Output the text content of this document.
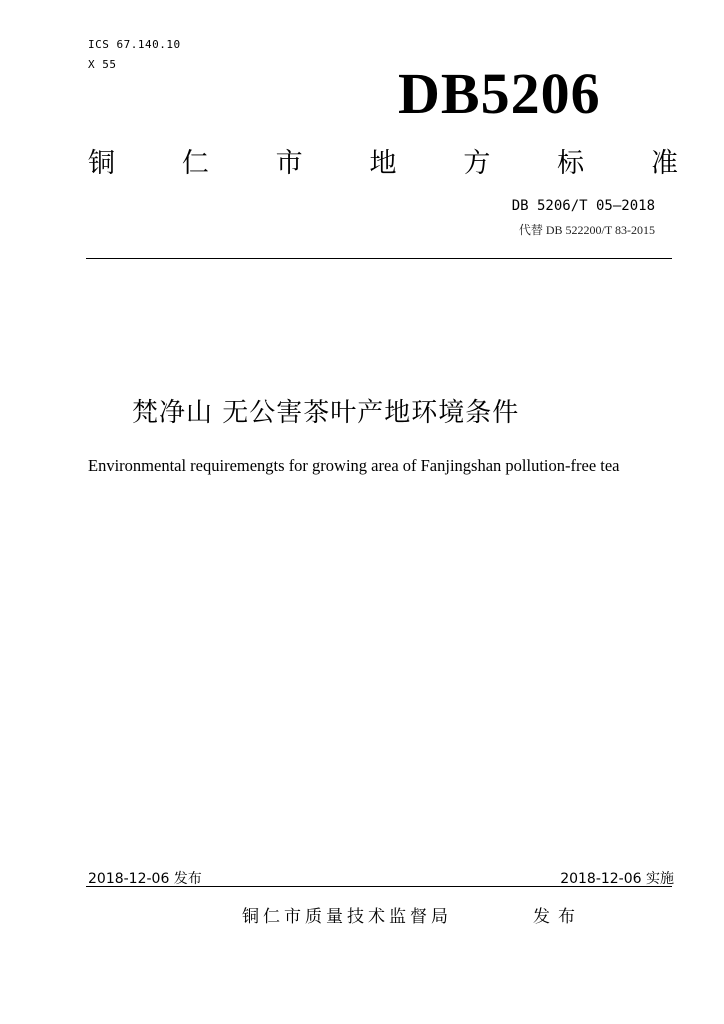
ICS 67.140.10
X 55	DB5206
铜 仁 市 地 方 标 准
DB 5206/T 05—2018
代替 DB 522200/T 83-2015
梵净山 无公害茶叶产地环境条件
Environmental requiremengts for growing area of Fanjingshan pollution-free tea
2018-12-06 发布	2018-12-06 实施
铜仁市质量技术监督局	发布
